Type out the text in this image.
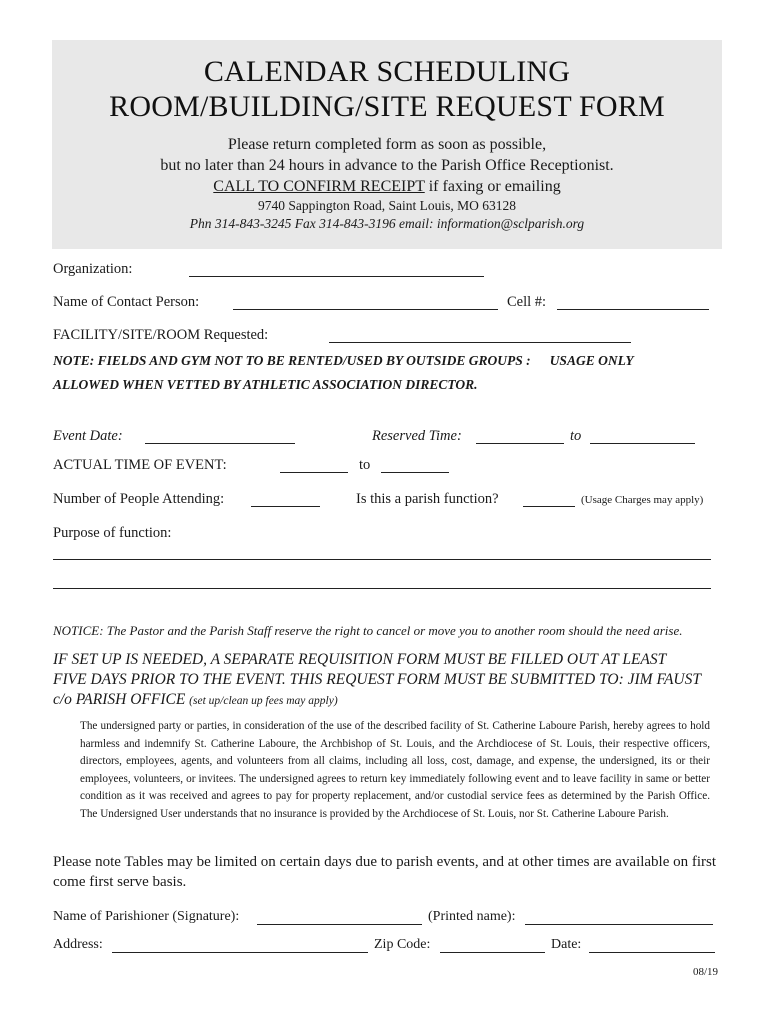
CALENDAR SCHEDULING
ROOM/BUILDING/SITE REQUEST FORM
Please return completed form as soon as possible,
but no later than 24 hours in advance to the Parish Office Receptionist.
CALL TO CONFIRM RECEIPT if faxing or emailing
9740 Sappington Road, Saint Louis, MO 63128
Phn 314-843-3245 Fax 314-843-3196 email: information@sclparish.org
Organization:
Name of Contact Person:	Cell #:
FACILITY/SITE/ROOM Requested:
NOTE: FIELDS AND GYM NOT TO BE RENTED/USED BY OUTSIDE GROUPS : USAGE ONLY
ALLOWED WHEN VETTED BY ATHLETIC ASSOCIATION DIRECTOR.
Event Date:	Reserved Time:	to
ACTUAL TIME OF EVENT:	to
Number of People Attending:	Is this a parish function?	(Usage Charges may apply)
Purpose of function:
NOTICE: The Pastor and the Parish Staff reserve the right to cancel or move you to another room should the need arise.
IF SET UP IS NEEDED, A SEPARATE REQUISITION FORM MUST BE FILLED OUT AT LEAST
FIVE DAYS PRIOR TO THE EVENT. THIS REQUEST FORM MUST BE SUBMITTED TO: JIM FAUST
c/o PARISH OFFICE (set up/clean up fees may apply)
The undersigned party or parties, in consideration of the use of the described facility of St. Catherine Laboure Parish, hereby agrees to hold harmless and indemnify St. Catherine Laboure, the Archbishop of St. Louis, and the Archdiocese of St. Louis, their respective officers, directors, employees, agents, and volunteers from all claims, including all loss, cost, damage, and expense, the undersigned, its or their employees, volunteers, or invitees. The undersigned agrees to return key immediately following event and to leave facility in same or better condition as it was received and agrees to pay for property replacement, and/or custodial service fees as determined by the Parish Office. The Undersigned User understands that no insurance is provided by the Archdiocese of St. Louis, nor St. Catherine Laboure Parish.
Please note Tables may be limited on certain days due to parish events, and at other times are available on first come first serve basis.
Name of Parishioner (Signature):	(Printed name):
Address:	Zip Code:	Date:
08/19
